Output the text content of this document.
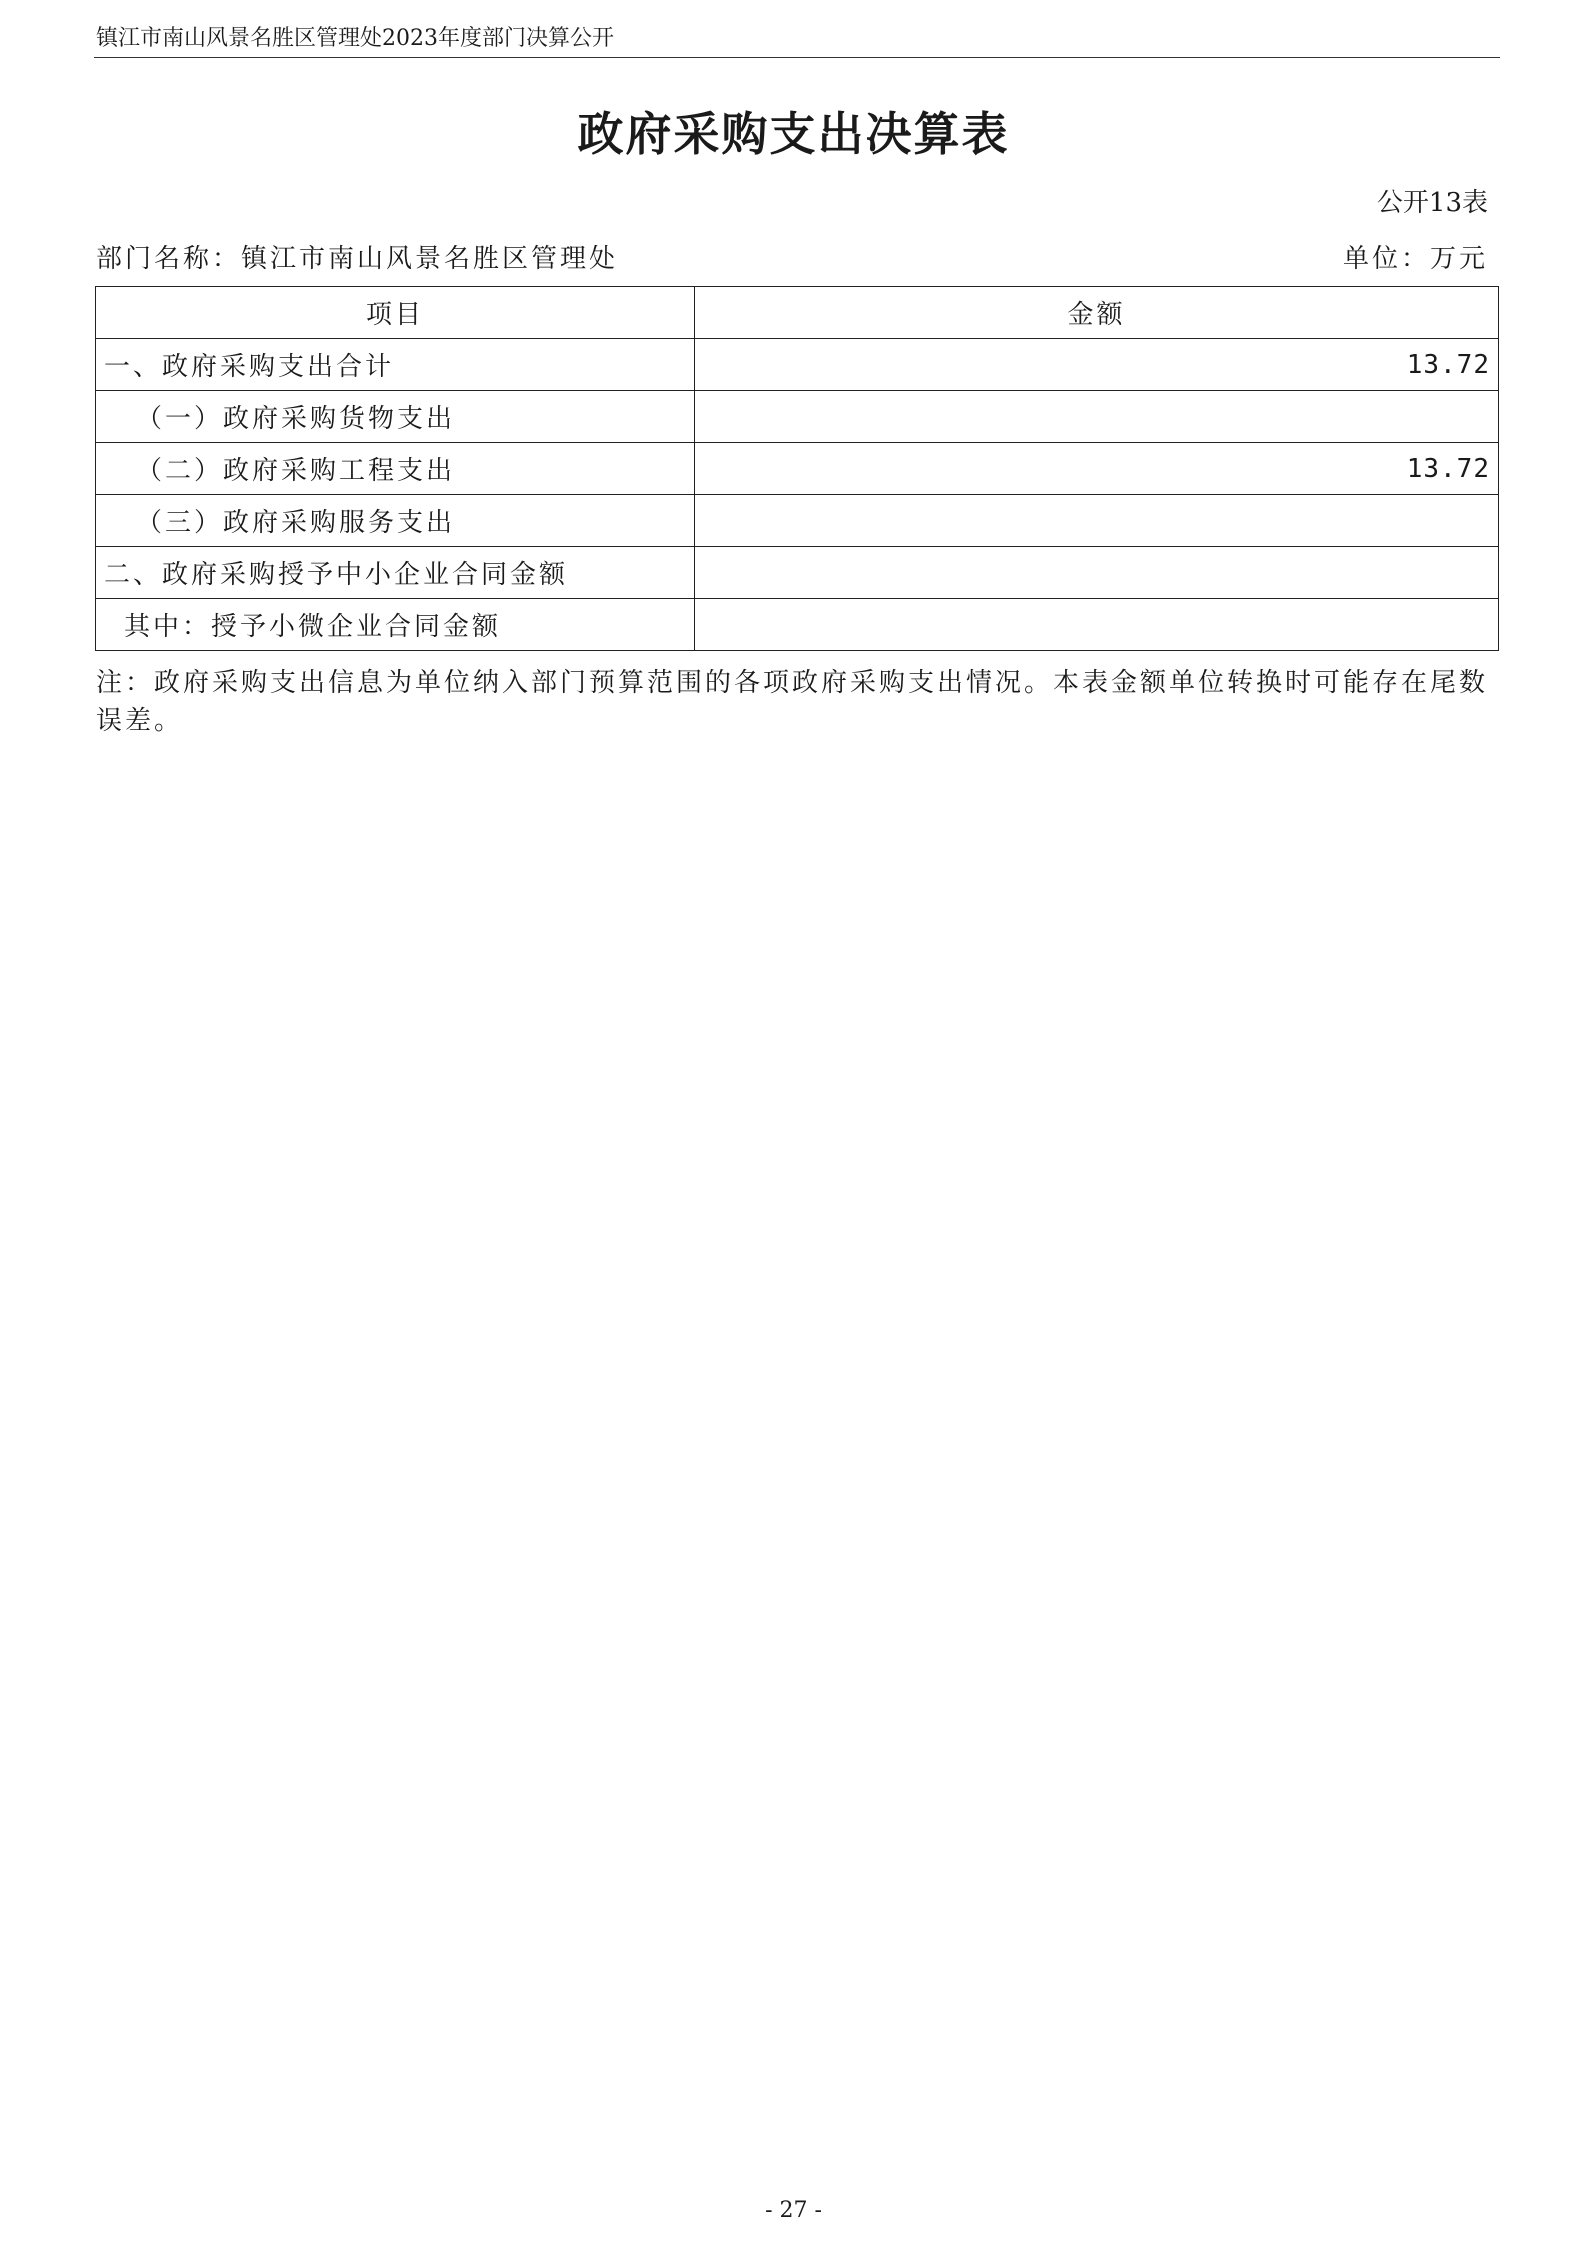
镇江市南山风景名胜区管理处2023年度部门决算公开
政府采购支出决算表
公开13表
部门名称：镇江市南山风景名胜区管理处	单位：万元
项目	金额
一、政府采购支出合计	13.72
（一）政府采购货物支出	
（二）政府采购工程支出	13.72
（三）政府采购服务支出	
二、政府采购授予中小企业合同金额	
其中：授予小微企业合同金额	
注：政府采购支出信息为单位纳入部门预算范围的各项政府采购支出情况。本表金额单位转换时可能存在尾数误差。
- 27 -
